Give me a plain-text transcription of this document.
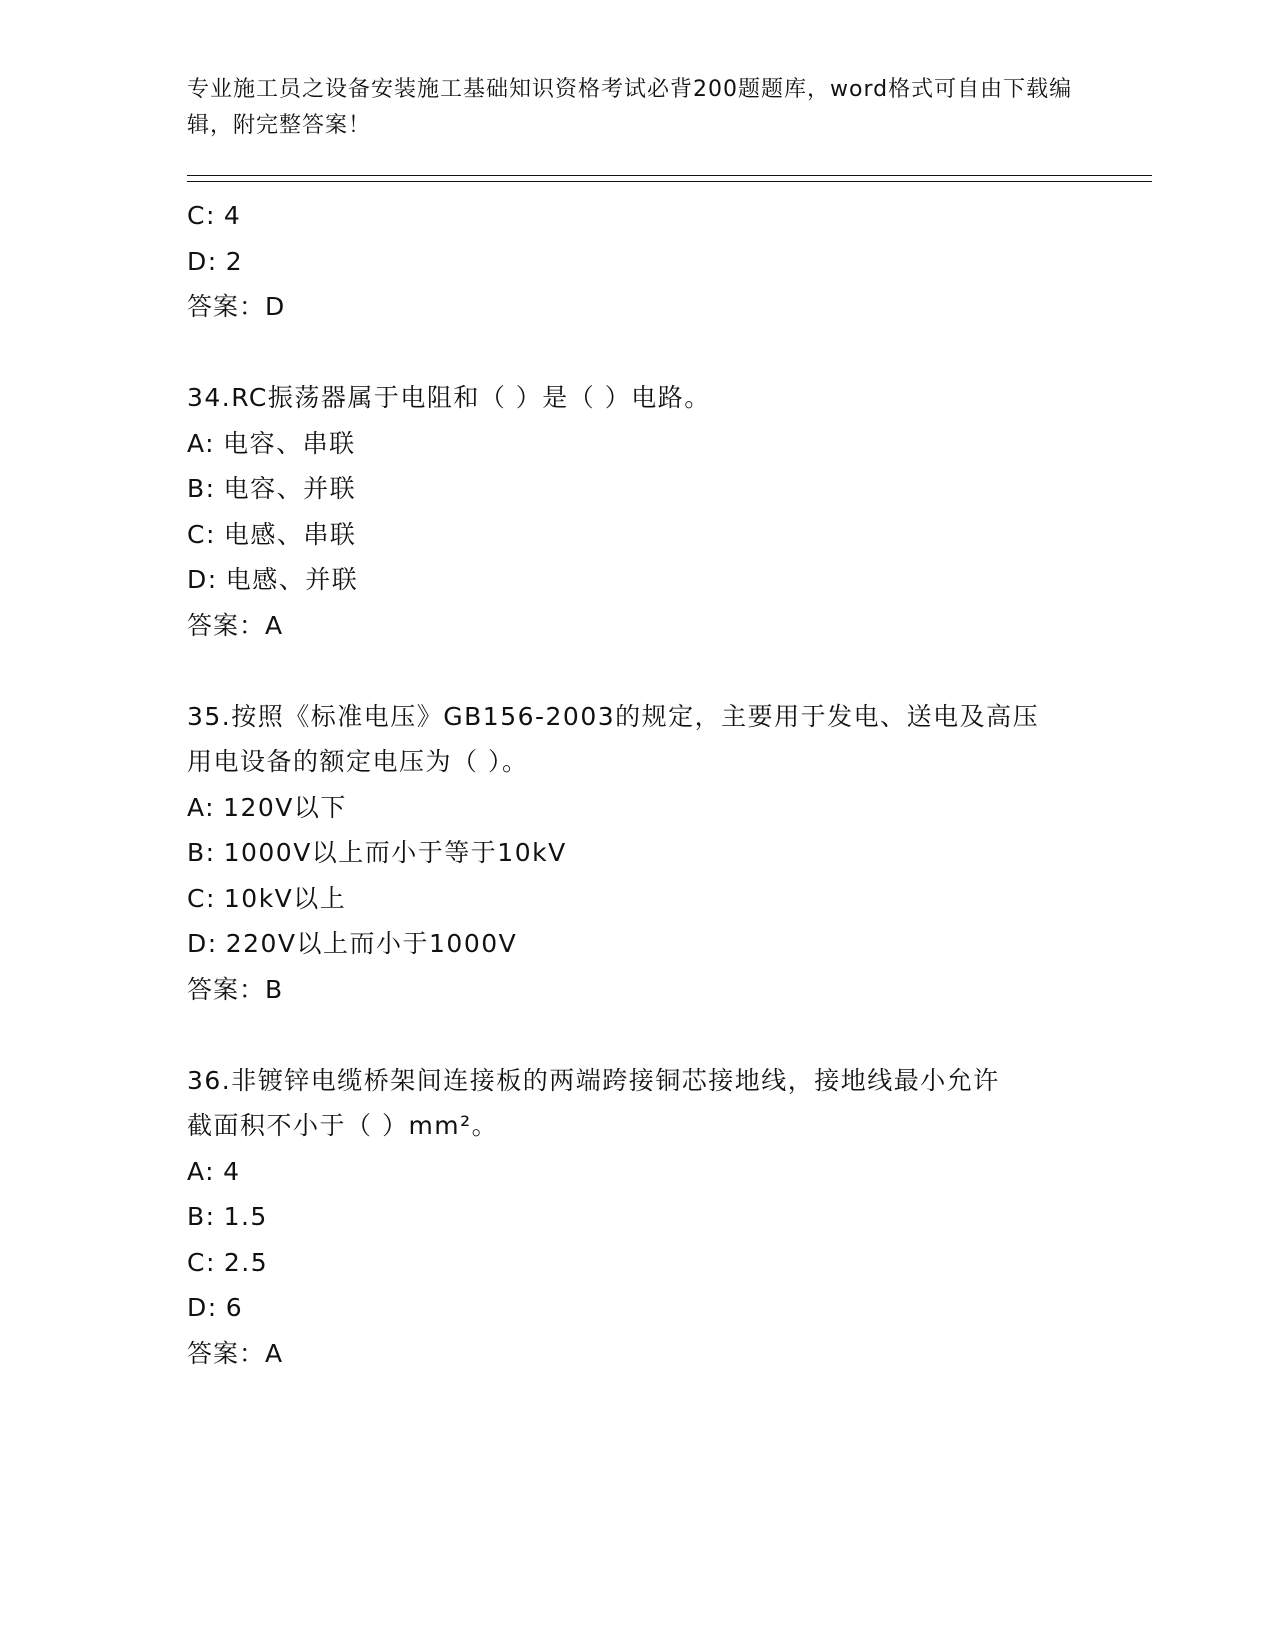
专业施工员之设备安装施工基础知识资格考试必背200题题库，word格式可自由下载编辑，附完整答案！
C: 4
D: 2
答案：D
34.RC振荡器属于电阻和（ ）是（ ）电路。
A: 电容、串联
B: 电容、并联
C: 电感、串联
D: 电感、并联
答案：A
35.按照《标准电压》GB156-2003的规定，主要用于发电、送电及高压
用电设备的额定电压为（ ）。
A: 120V以下
B: 1000V以上而小于等于10kV
C: 10kV以上
D: 220V以上而小于1000V
答案：B
36.非镀锌电缆桥架间连接板的两端跨接铜芯接地线，接地线最小允许
截面积不小于（ ）mm²。
A: 4
B: 1.5
C: 2.5
D: 6
答案：A
